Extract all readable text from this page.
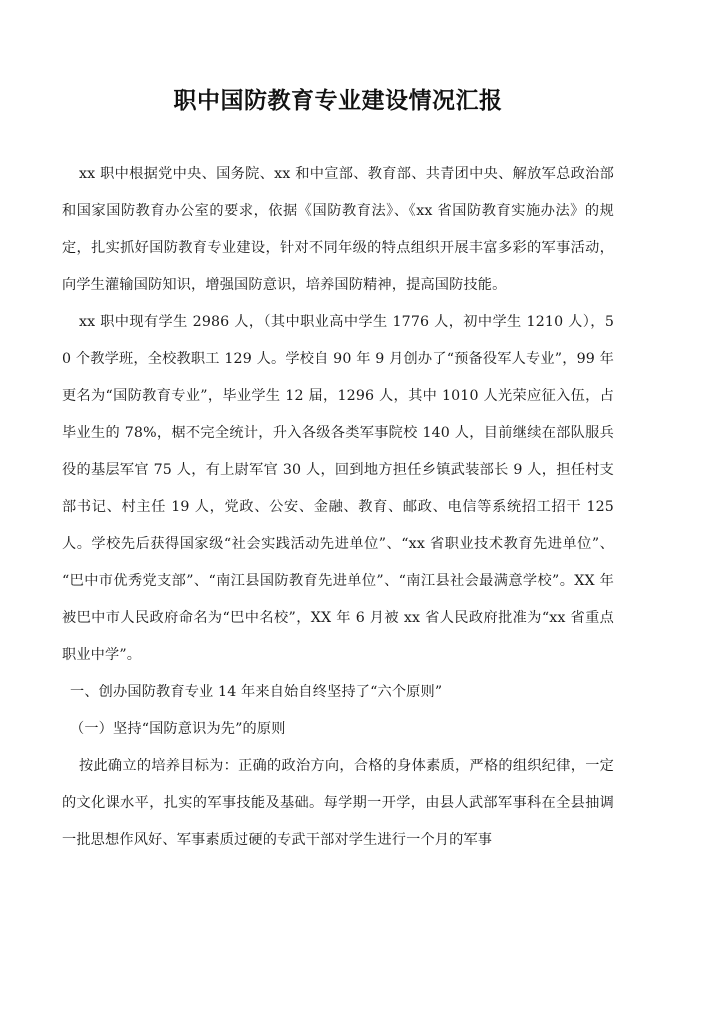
职中国防教育专业建设情况汇报

xx 职中根据党中央、国务院、xx 和中宣部、教育部、共青团中央、解放军总政治部和国家国防教育办公室的要求，依据《国防教育法》、《xx 省国防教育实施办法》的规定，扎实抓好国防教育专业建设，针对不同年级的特点组织开展丰富多彩的军事活动，向学生灌输国防知识，增强国防意识，培养国防精神，提高国防技能。

xx 职中现有学生 2986 人，（其中职业高中学生 1776 人，初中学生 1210 人），50 个教学班，全校教职工 129 人。学校自 90 年 9 月创办了“预备役军人专业”，99 年更名为“国防教育专业”，毕业学生 12 届，1296 人，其中 1010 人光荣应征入伍，占毕业生的 78%，椐不完全统计，升入各级各类军事院校 140 人，目前继续在部队服兵役的基层军官 75 人，有上尉军官 30 人，回到地方担任乡镇武装部长 9 人，担任村支部书记、村主任 19 人，党政、公安、金融、教育、邮政、电信等系统招工招干 125 人。学校先后获得国家级“社会实践活动先进单位”、“xx 省职业技术教育先进单位”、“巴中市优秀党支部”、“南江县国防教育先进单位”、“南江县社会最满意学校”。XX 年被巴中市人民政府命名为“巴中名校”，XX 年 6 月被 xx 省人民政府批准为“xx 省重点职业中学”。

一、创办国防教育专业 14 年来自始自终坚持了“六个原则”

（一）坚持“国防意识为先”的原则

按此确立的培养目标为：正确的政治方向，合格的身体素质，严格的组织纪律，一定的文化课水平，扎实的军事技能及基础。每学期一开学，由县人武部军事科在全县抽调一批思想作风好、军事素质过硬的专武干部对学生进行一个月的军事
